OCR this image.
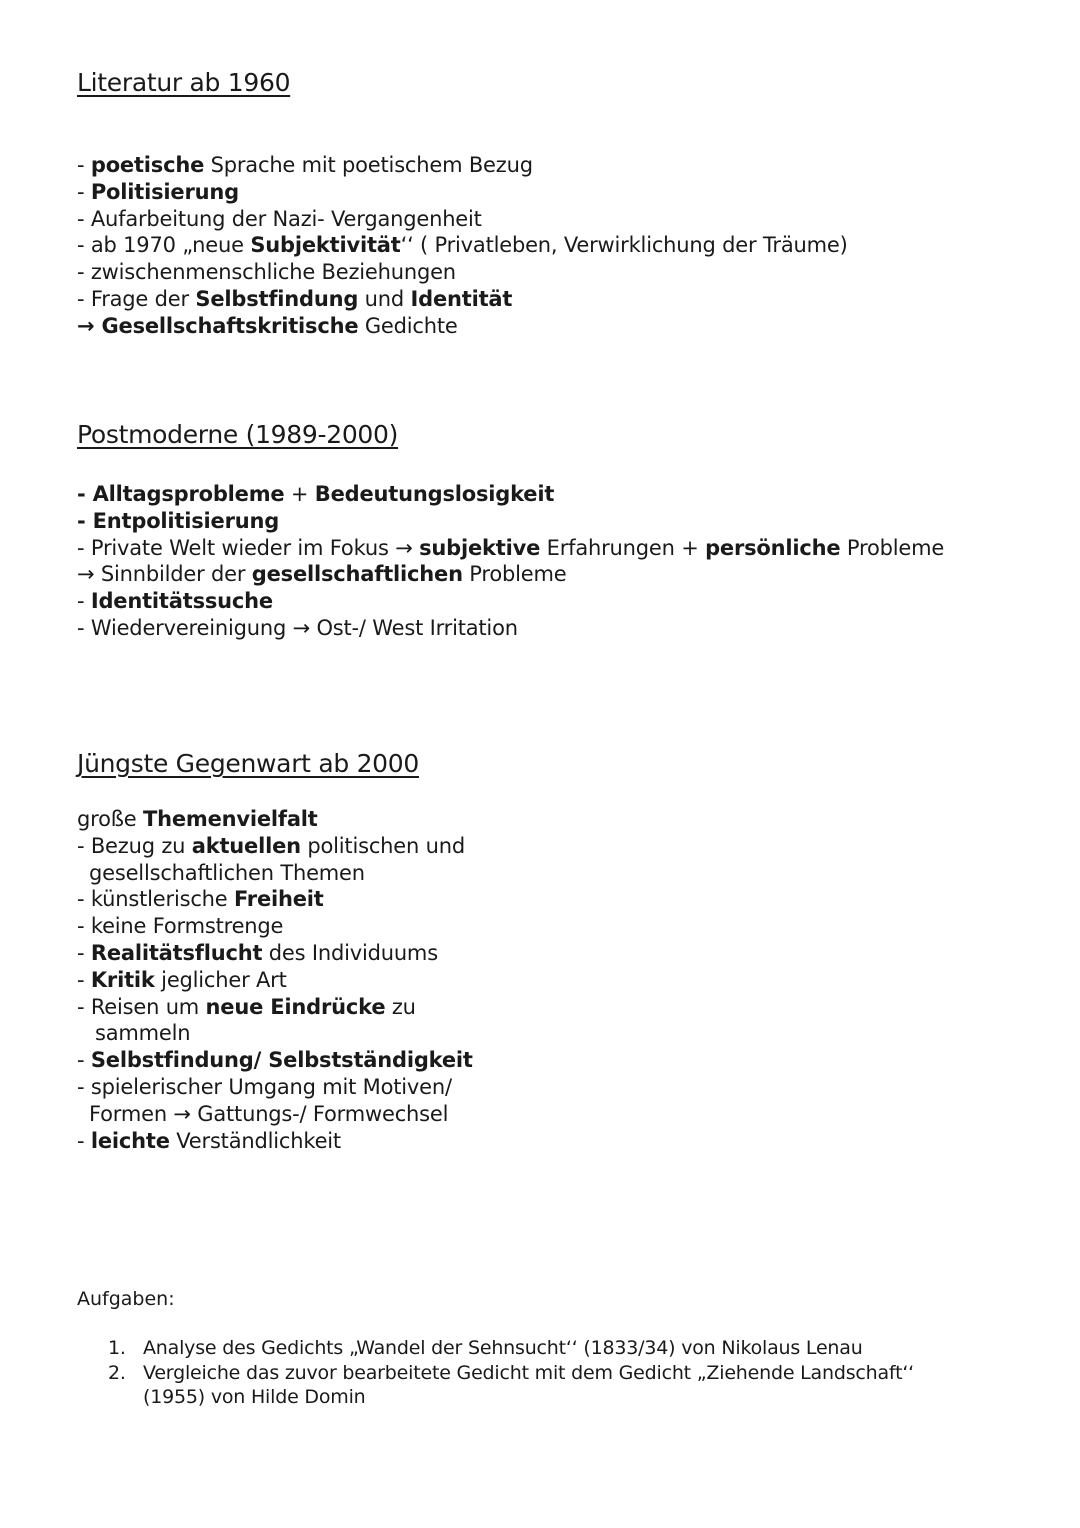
Literatur ab 1960
- poetische Sprache mit poetischem Bezug
- Politisierung
- Aufarbeitung der Nazi- Vergangenheit
- ab 1970 „neue Subjektivität‘‘ ( Privatleben, Verwirklichung der Träume)
- zwischenmenschliche Beziehungen
- Frage der Selbstfindung und Identität
→ Gesellschaftskritische Gedichte
Postmoderne (1989-2000)
- Alltagsprobleme + Bedeutungslosigkeit
- Entpolitisierung
- Private Welt wieder im Fokus → subjektive Erfahrungen + persönliche Probleme
→ Sinnbilder der gesellschaftlichen Probleme
- Identitätssuche
- Wiedervereinigung → Ost-/ West Irritation
Jüngste Gegenwart ab 2000
große Themenvielfalt
- Bezug zu aktuellen politischen und
gesellschaftlichen Themen
- künstlerische Freiheit
- keine Formstrenge
- Realitätsflucht des Individuums
- Kritik jeglicher Art
- Reisen um neue Eindrücke zu
sammeln
- Selbstfindung/ Selbstständigkeit
- spielerischer Umgang mit Motiven/
Formen → Gattungs-/ Formwechsel
- leichte Verständlichkeit
Aufgaben:
1. Analyse des Gedichts „Wandel der Sehnsucht‘‘ (1833/34) von Nikolaus Lenau
2. Vergleiche das zuvor bearbeitete Gedicht mit dem Gedicht „Ziehende Landschaft‘‘
(1955) von Hilde Domin
